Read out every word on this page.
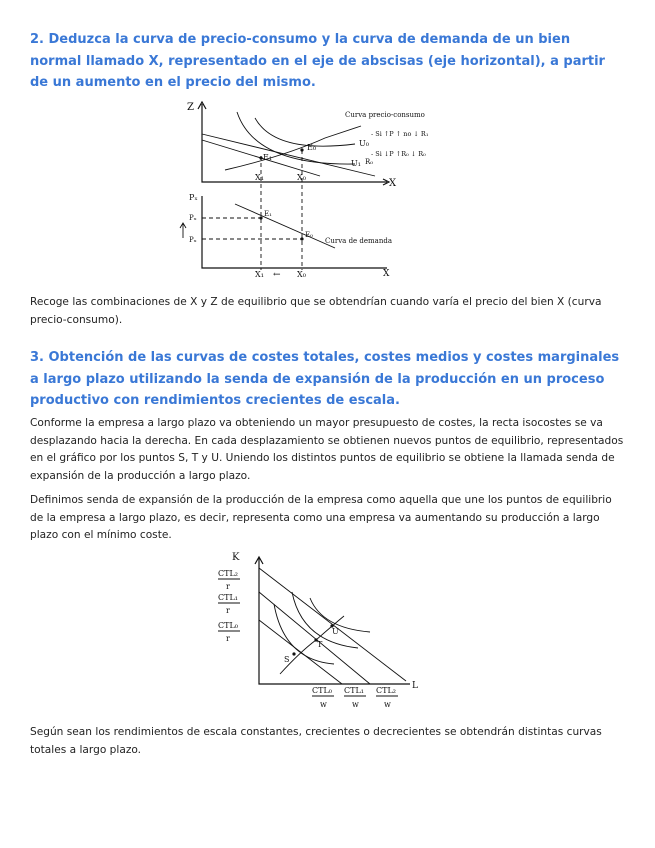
2. Deduzca la curva de precio-consumo y la curva de demanda de un bien normal llamado X, representado en el eje de abscisas (eje horizontal), a partir de un aumento en el precio del mismo.
Z
X
Curva precio-consumo
- Si ↑P ↑ no ↓ R₁
- Si ↓P ↑R₀ ↓ R₀
U₀
U₁ R₀
E₀
E₁
X₁	X₀
Pₓ
X
Pₓ
Pₓ
E₁
E₀
Curva de demanda
X₁ ← X₀

Recoge las combinaciones de X y Z de equilibrio que se obtendrían cuando varía el precio del bien X (curva precio-consumo).

3. Obtención de las curvas de costes totales, costes medios y costes marginales a largo plazo utilizando la senda de expansión de la producción en un proceso productivo con rendimientos crecientes de escala.

Conforme la empresa a largo plazo va obteniendo un mayor presupuesto de costes, la recta isocostes se va desplazando hacia la derecha. En cada desplazamiento se obtienen nuevos puntos de equilibrio, representados en el gráfico por los puntos S, T y U. Uniendo los distintos puntos de equilibrio se obtiene la llamada senda de expansión de la producción a largo plazo.

Definimos senda de expansión de la producción de la empresa como aquella que une los puntos de equilibrio de la empresa a largo plazo, es decir, representa como una empresa va aumentando su producción a largo plazo con el mínimo coste.

K
L
CTL₂
r
CTL₁
r
CTL₀
r
S
T
U
CTL₀
w
CTL₁
w
CTL₂
w

Según sean los rendimientos de escala constantes, crecientes o decrecientes se obtendrán distintas curvas totales a largo plazo.
